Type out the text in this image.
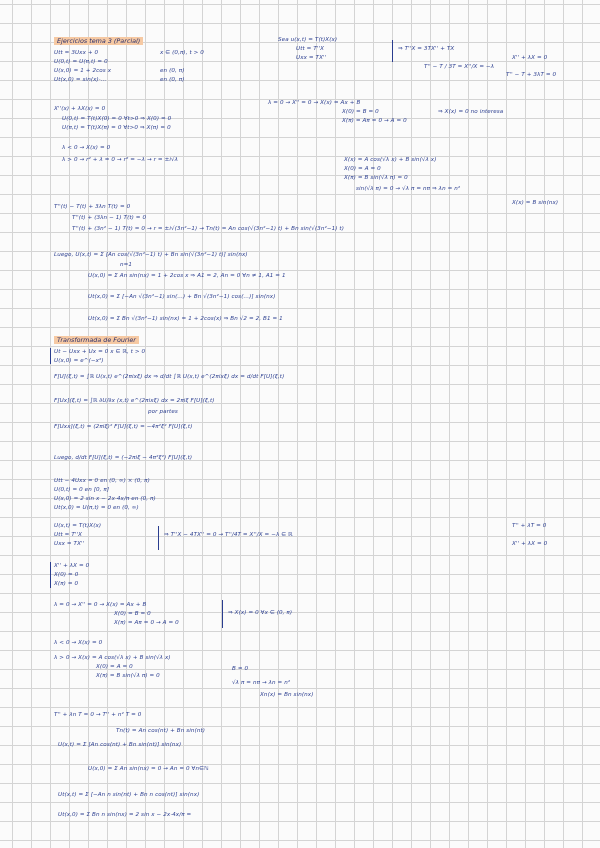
Ejercicios tema 3 (Parcial)
Utt = 3Uxx + 0
U(0,t) = U(π,t) = 0
U(x,0) = 1 + 2cos x
Ut(x,0) = sin(x)·...
x ∈ (0,π), t > 0
en (0, π)
en (0, π)
Sea u(x,t) = T(t)X(x)
Utt = T''X
Uxx = TX''
⇒ T''X = 3TX'' + TX
T'' − T / 3T = X''/X = −λ
X'' + λX = 0
T'' − T + 3λT = 0
X''(x) + λX(x) = 0
U(0,t) = T(t)X(0) = 0 ∀t>0 ⇒ X(0) = 0
U(π,t) = T(t)X(π) = 0 ∀t>0 ⇒ X(π) = 0
λ = 0 → X'' = 0 → X(x) = Ax + B
X(0) = B = 0
X(π) = Aπ = 0 → A = 0
⇒ X(x) = 0 no interesa
λ < 0 → X(x) = 0
λ > 0 → r² + λ = 0 → r² = −λ → r = ±i√λ	X(x) = A cos(√λ x) + B sin(√λ x)
X(0) = A = 0
X(π) = B sin(√λ π) = 0
sin(√λ π) = 0 → √λ π = nπ ⇒ λn = n²
X(x) = B sin(nx)
T''(t) − T(t) + 3λn T(t) = 0
T''(t) + (3λn − 1) T(t) = 0
T''(t) + (3n² − 1) T(t) = 0 → r = ±i√(3n²−1) → Tn(t) = An cos(√(3n²−1) t) + Bn sin(√(3n²−1) t)
Luego, U(x,t) = Σ [An cos(√(3n²−1) t) + Bn sin(√(3n²−1) t)] sin(nx)
n=1
U(x,0) = Σ An sin(nx) = 1 + 2cos x ⇒ A1 = 2, An = 0 ∀n ≠ 1, A1 = 1
Ut(x,0) = Σ [−An √(3n²−1) sin(...) + Bn √(3n²−1) cos(...)] sin(nx)
Ut(x,0) = Σ Bn √(3n²−1) sin(nx) = 1 + 2cos(x) ⇒ Bn √2 = 2, B1 = 1
Transformada de Fourier
Ut − Uxx + Ux = 0 x ∈ ℝ, t > 0
U(x,0) = e^(−x²)
F[U](ξ,t) = ∫ℝ U(x,t) e^(2πixξ) dx ⇒ d/dt ∫ℝ U(x,t) e^(2πixξ) dx = d/dt F[U](ξ,t)
F[Ux](ξ,t) = ∫ℝ ∂U/∂x (x,t) e^(2πixξ) dx = 2πiξ F[U](ξ,t)
por partes
F[Uxx](ξ,t) = (2πiξ)² F[U](ξ,t) = −4π²ξ² F[U](ξ,t)
Luego, d/dt F[U](ξ,t) = (−2πiξ − 4π²ξ²) F[U](ξ,t)
Utt − 4Uxx = 0 en (0, ∞) × (0, π)
U(0,t) = 0 en [0, π]
U(x,0) = 2 sin x − 2x·4x/π en (0, π)
Ut(x,0) = U(π,t) = 0 en (0, ∞)
U(x,t) = T(t)X(x)
Utt = T''X
Uxx = TX''
⇒ T''X − 4TX'' = 0 → T''/4T = X''/X = −λ ∈ ℝ
T'' + λT = 0
X'' + λX = 0
X'' + λX = 0
X(0) = 0
X(π) = 0
λ = 0 → X'' = 0 → X(x) = Ax + B
X(0) = B = 0
X(π) = Aπ = 0 → A = 0
⇒ X(x) = 0 ∀x ∈ (0, π)
λ < 0 → X(x) = 0
λ > 0 → X(x) = A cos(√λ x) + B sin(√λ x)
X(0) = A = 0
X(π) = B sin(√λ π) = 0
B = 0
√λ π = nπ → λn = n²
Xn(x) = Bn sin(nx)
T'' + λn T = 0 → T'' + n² T = 0
Tn(t) = An cos(nt) + Bn sin(nt)
U(x,t) = Σ [An cos(nt) + Bn sin(nt)] sin(nx)
U(x,0) = Σ An sin(nx) = 0 → An = 0 ∀n∈ℕ
Ut(x,t) = Σ [−An n sin(nt) + Bn n cos(nt)] sin(nx)
Ut(x,0) = Σ Bn n sin(nx) = 2 sin x − 2x·4x/π =
